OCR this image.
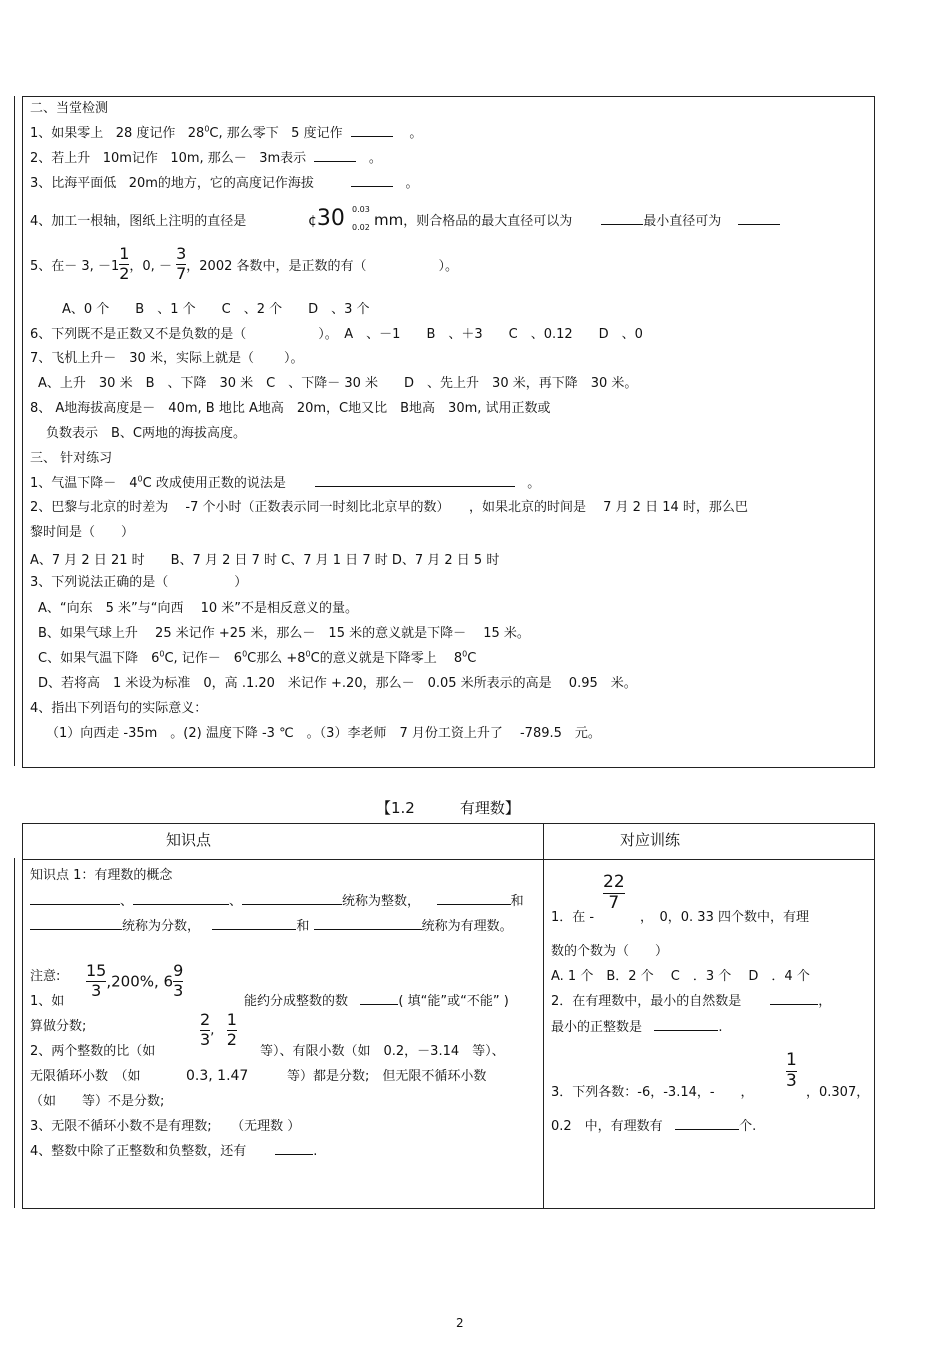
二、当堂检测
1、如果零上 28 度记作 $28^0C$, 那么零下 5 度记作	。
2、若上升 10m记作 10m, 那么－ 3m表示	。
3、比海平面低 20m的地方，它的高度记作海拔	。
4、加工一根轴，图纸上注明的直径是	¢30 0.03
0.02 mm，则合格品的最大直径可以为	最小直径可为
5、在－ 3, $-1 \frac{1}{2}$ ，0, － $\frac{3}{7}$ ，2002 各数中，是正数的有（	）。
A、0 个　　B　、1 个　　C　、2 个　　D　、3 个
6、下列既不是正数又不是负数的是（	）。　A　、－1　　B　、＋3　　C　、0.12　　D　、0
7、飞机上升－　30 米，实际上就是（ ）。
A、上升　30 米　B　、下降　30 米　C　、下降－ 30 米　　D　、先上升　30 米，再下降　30 米。
8、 A地海拔高度是－　40m, B 地比 A地高　20m，C地又比　B地高　30m, 试用正数或
负数表示　B、C两地的海拔高度。
三、 针对练习
1、气温下降－　$4^0C$ 改成使用正数的说法是	。
2、巴黎与北京的时差为　 -7 个小时（正数表示同一时刻比北京早的数）　　，如果北京的时间是　 7 月 2 日 14 时，那么巴
黎时间是（　　）
A、7 月 2 日 21 时　　B、7 月 2 日 7 时 C、7 月 1 日 7 时 D、7 月 2 日 5 时
3、下列说法正确的是（	）
A、“向东　5 米”与“向西　 10 米”不是相反意义的量。
B、如果气球上升　 25 米记作 +25 米，那么－　15 米的意义就是下降－　 15 米。
C、如果气温下降　$6^0C$, 记作－　$6^0C$那么 $+8^0C$的意义就是下降零上　 $8^0C$
D、若将高　1 米设为标准　0，高 .1.20　米记作 +.20，那么－　0.05 米所表示的高是　 0.95　米。
4、指出下列语句的实际意义：
（1）向西走 -35m　。(2) 温度下降 -3 ℃　。（3）李老师　7 月份工资上升了　 -789.5　元。
【1.2　　　有理数】
知识点	对应训练
知识点 1：有理数的概念
、	、	统称为整数，	和
统称为分数，	和	统称为有理数。
注意: $\frac{15}{3} ,200\%$, $6 \frac{9}{3}$
1、如	能约分成整数的数	( 填“能”或“不能” )
算做分数;	$\frac{2}{3}$ , $\frac{1}{2}$
2、两个整数的比（如	等）、有限小数（如　0.2，－3.14　等）、
无限循环小数　（如	0.3, 1.47	等）都是分数;　但无限不循环小数
（如　　等）不是分数;
3、无限不循环小数不是有理数;　　（无理数 ）
4、整数中除了正整数和负整数，还有	.
$\frac{22}{7}$
1．在 -	，　0，0. 33 四个数中，有理
数的个数为（　　）
A. 1 个　B．2 个　 C　．3 个　 D　．4 个
2．在有理数中，最小的自然数是	，
最小的正整数是	.
$\frac{1}{3}$
3．下列各数：-6，-3.14，-　　，	，0.307，
0.2　中，有理数有	个.
2
